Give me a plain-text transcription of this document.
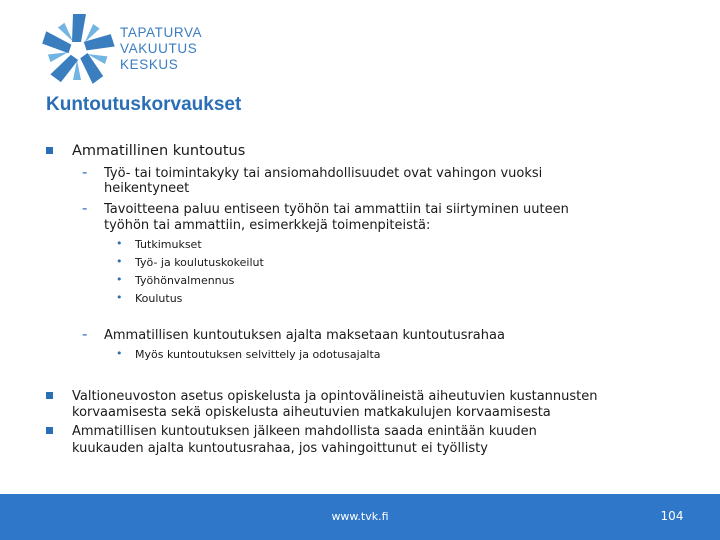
TAPATURVA
VAKUUTUS
KESKUS
Kuntoutuskorvaukset
Ammatillinen kuntoutus
- Työ- tai toimintakyky tai ansiomahdollisuudet ovat vahingon vuoksi
heikentyneet
- Tavoitteena paluu entiseen työhön tai ammattiin tai siirtyminen uuteen
työhön tai ammattiin, esimerkkejä toimenpiteistä:
• Tutkimukset
• Työ- ja koulutuskokeilut
• Työhönvalmennus
• Koulutus
- Ammatillisen kuntoutuksen ajalta maksetaan kuntoutusrahaa
• Myös kuntoutuksen selvittely ja odotusajalta
Valtioneuvoston asetus opiskelusta ja opintovälineistä aiheutuvien kustannusten
korvaamisesta sekä opiskelusta aiheutuvien matkakulujen korvaamisesta
Ammatillisen kuntoutuksen jälkeen mahdollista saada enintään kuuden
kuukauden ajalta kuntoutusrahaa, jos vahingoittunut ei työllisty
www.tvk.fi	104
